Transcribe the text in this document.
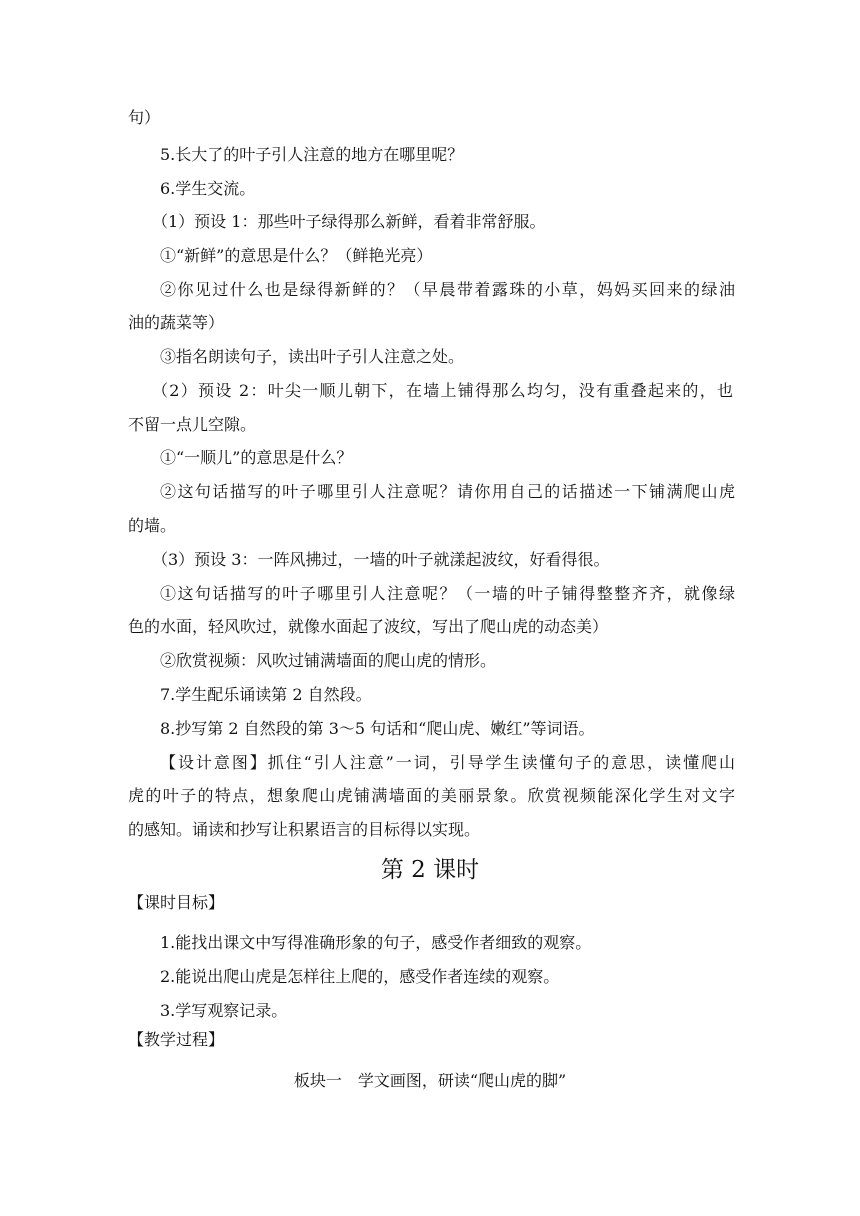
句）
5.长大了的叶子引人注意的地方在哪里呢？
6.学生交流。
（1）预设 1：那些叶子绿得那么新鲜，看着非常舒服。
①“新鲜”的意思是什么？（鲜艳光亮）
②你见过什么也是绿得新鲜的？（早晨带着露珠的小草，妈妈买回来的绿油
油的蔬菜等）
③指名朗读句子，读出叶子引人注意之处。
（2）预设 2：叶尖一顺儿朝下，在墙上铺得那么均匀，没有重叠起来的，也
不留一点儿空隙。
①“一顺儿”的意思是什么？
②这句话描写的叶子哪里引人注意呢？请你用自己的话描述一下铺满爬山虎
的墙。
（3）预设 3：一阵风拂过，一墙的叶子就漾起波纹，好看得很。
①这句话描写的叶子哪里引人注意呢？（一墙的叶子铺得整整齐齐，就像绿
色的水面，轻风吹过，就像水面起了波纹，写出了爬山虎的动态美）
②欣赏视频：风吹过铺满墙面的爬山虎的情形。
7.学生配乐诵读第 2 自然段。
8.抄写第 2 自然段的第 3～5 句话和“爬山虎、嫩红”等词语。
【设计意图】抓住“引人注意”一词，引导学生读懂句子的意思，读懂爬山
虎的叶子的特点，想象爬山虎铺满墙面的美丽景象。欣赏视频能深化学生对文字
的感知。诵读和抄写让积累语言的目标得以实现。
第 2 课时
【课时目标】
1.能找出课文中写得准确形象的句子，感受作者细致的观察。
2.能说出爬山虎是怎样往上爬的，感受作者连续的观察。
3.学写观察记录。
【教学过程】
板块一　学文画图，研读“爬山虎的脚”
